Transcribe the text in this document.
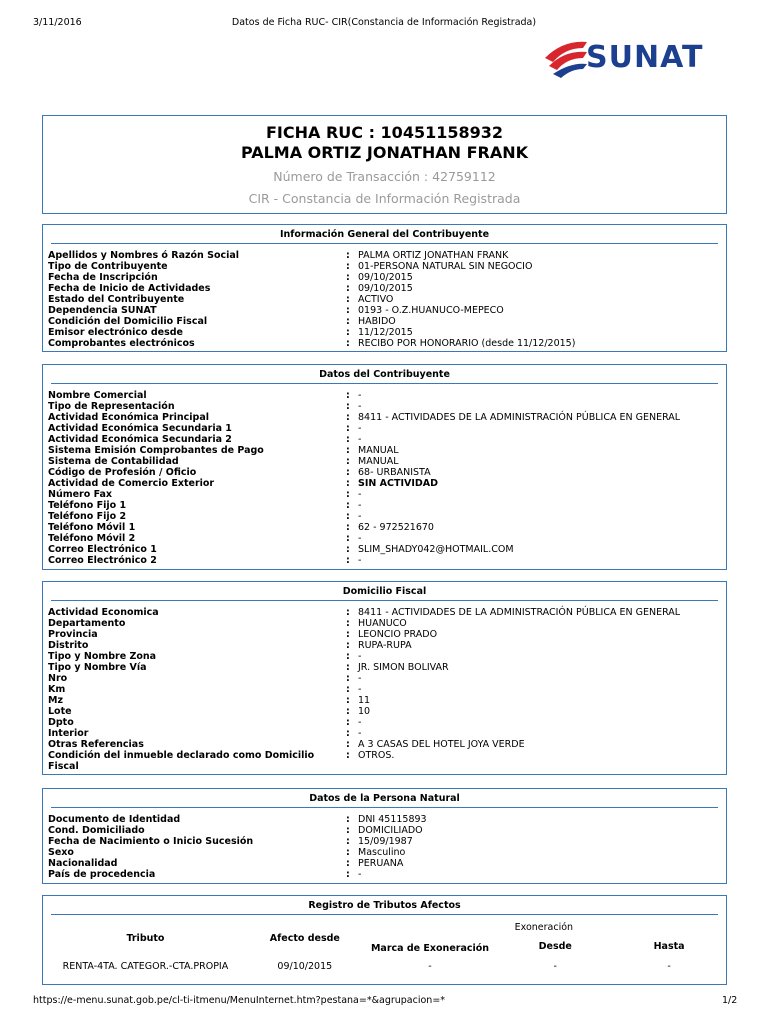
3/11/2016	Datos de Ficha RUC- CIR(Constancia de Información Registrada)
SUNAT
FICHA RUC : 10451158932
PALMA ORTIZ JONATHAN FRANK
Número de Transacción : 42759112
CIR - Constancia de Información Registrada
Información General del Contribuyente
Apellidos y Nombres ó Razón Social	: PALMA ORTIZ JONATHAN FRANK
Tipo de Contribuyente	: 01-PERSONA NATURAL SIN NEGOCIO
Fecha de Inscripción	: 09/10/2015
Fecha de Inicio de Actividades	: 09/10/2015
Estado del Contribuyente	: ACTIVO
Dependencia SUNAT	: 0193 - O.Z.HUANUCO-MEPECO
Condición del Domicilio Fiscal	: HABIDO
Emisor electrónico desde	: 11/12/2015
Comprobantes electrónicos	: RECIBO POR HONORARIO (desde 11/12/2015)
Datos del Contribuyente
Nombre Comercial	: -
Tipo de Representación	: -
Actividad Económica Principal	: 8411 - ACTIVIDADES DE LA ADMINISTRACIÓN PÚBLICA EN GENERAL
Actividad Económica Secundaria 1	: -
Actividad Económica Secundaria 2	: -
Sistema Emisión Comprobantes de Pago	: MANUAL
Sistema de Contabilidad	: MANUAL
Código de Profesión / Oficio	: 68- URBANISTA
Actividad de Comercio Exterior	: SIN ACTIVIDAD
Número Fax	: -
Teléfono Fijo 1	: -
Teléfono Fijo 2	: -
Teléfono Móvil 1	: 62 - 972521670
Teléfono Móvil 2	: -
Correo Electrónico 1	: SLIM_SHADY042@HOTMAIL.COM
Correo Electrónico 2	: -
Domicilio Fiscal
Actividad Economica	: 8411 - ACTIVIDADES DE LA ADMINISTRACIÓN PÚBLICA EN GENERAL
Departamento	: HUANUCO
Provincia	: LEONCIO PRADO
Distrito	: RUPA-RUPA
Tipo y Nombre Zona	: -
Tipo y Nombre Vía	: JR. SIMON BOLIVAR
Nro	: -
Km	: -
Mz	: 11
Lote	: 10
Dpto	: -
Interior	: -
Otras Referencias	: A 3 CASAS DEL HOTEL JOYA VERDE
Condición del inmueble declarado como Domicilio	: OTROS.
Fiscal
Datos de la Persona Natural
Documento de Identidad	: DNI 45115893
Cond. Domiciliado	: DOMICILIADO
Fecha de Nacimiento o Inicio Sucesión	: 15/09/1987
Sexo	: Masculino
Nacionalidad	: PERUANA
País de procedencia	: -
Registro de Tributos Afectos
		Exoneración		
Tributo	Afecto desde	Marca de Exoneración	Desde	Hasta
RENTA-4TA. CATEGOR.-CTA.PROPIA	09/10/2015	-	-	-
https://e-menu.sunat.gob.pe/cl-ti-itmenu/MenuInternet.htm?pestana=*&agrupacion=*	1/2
